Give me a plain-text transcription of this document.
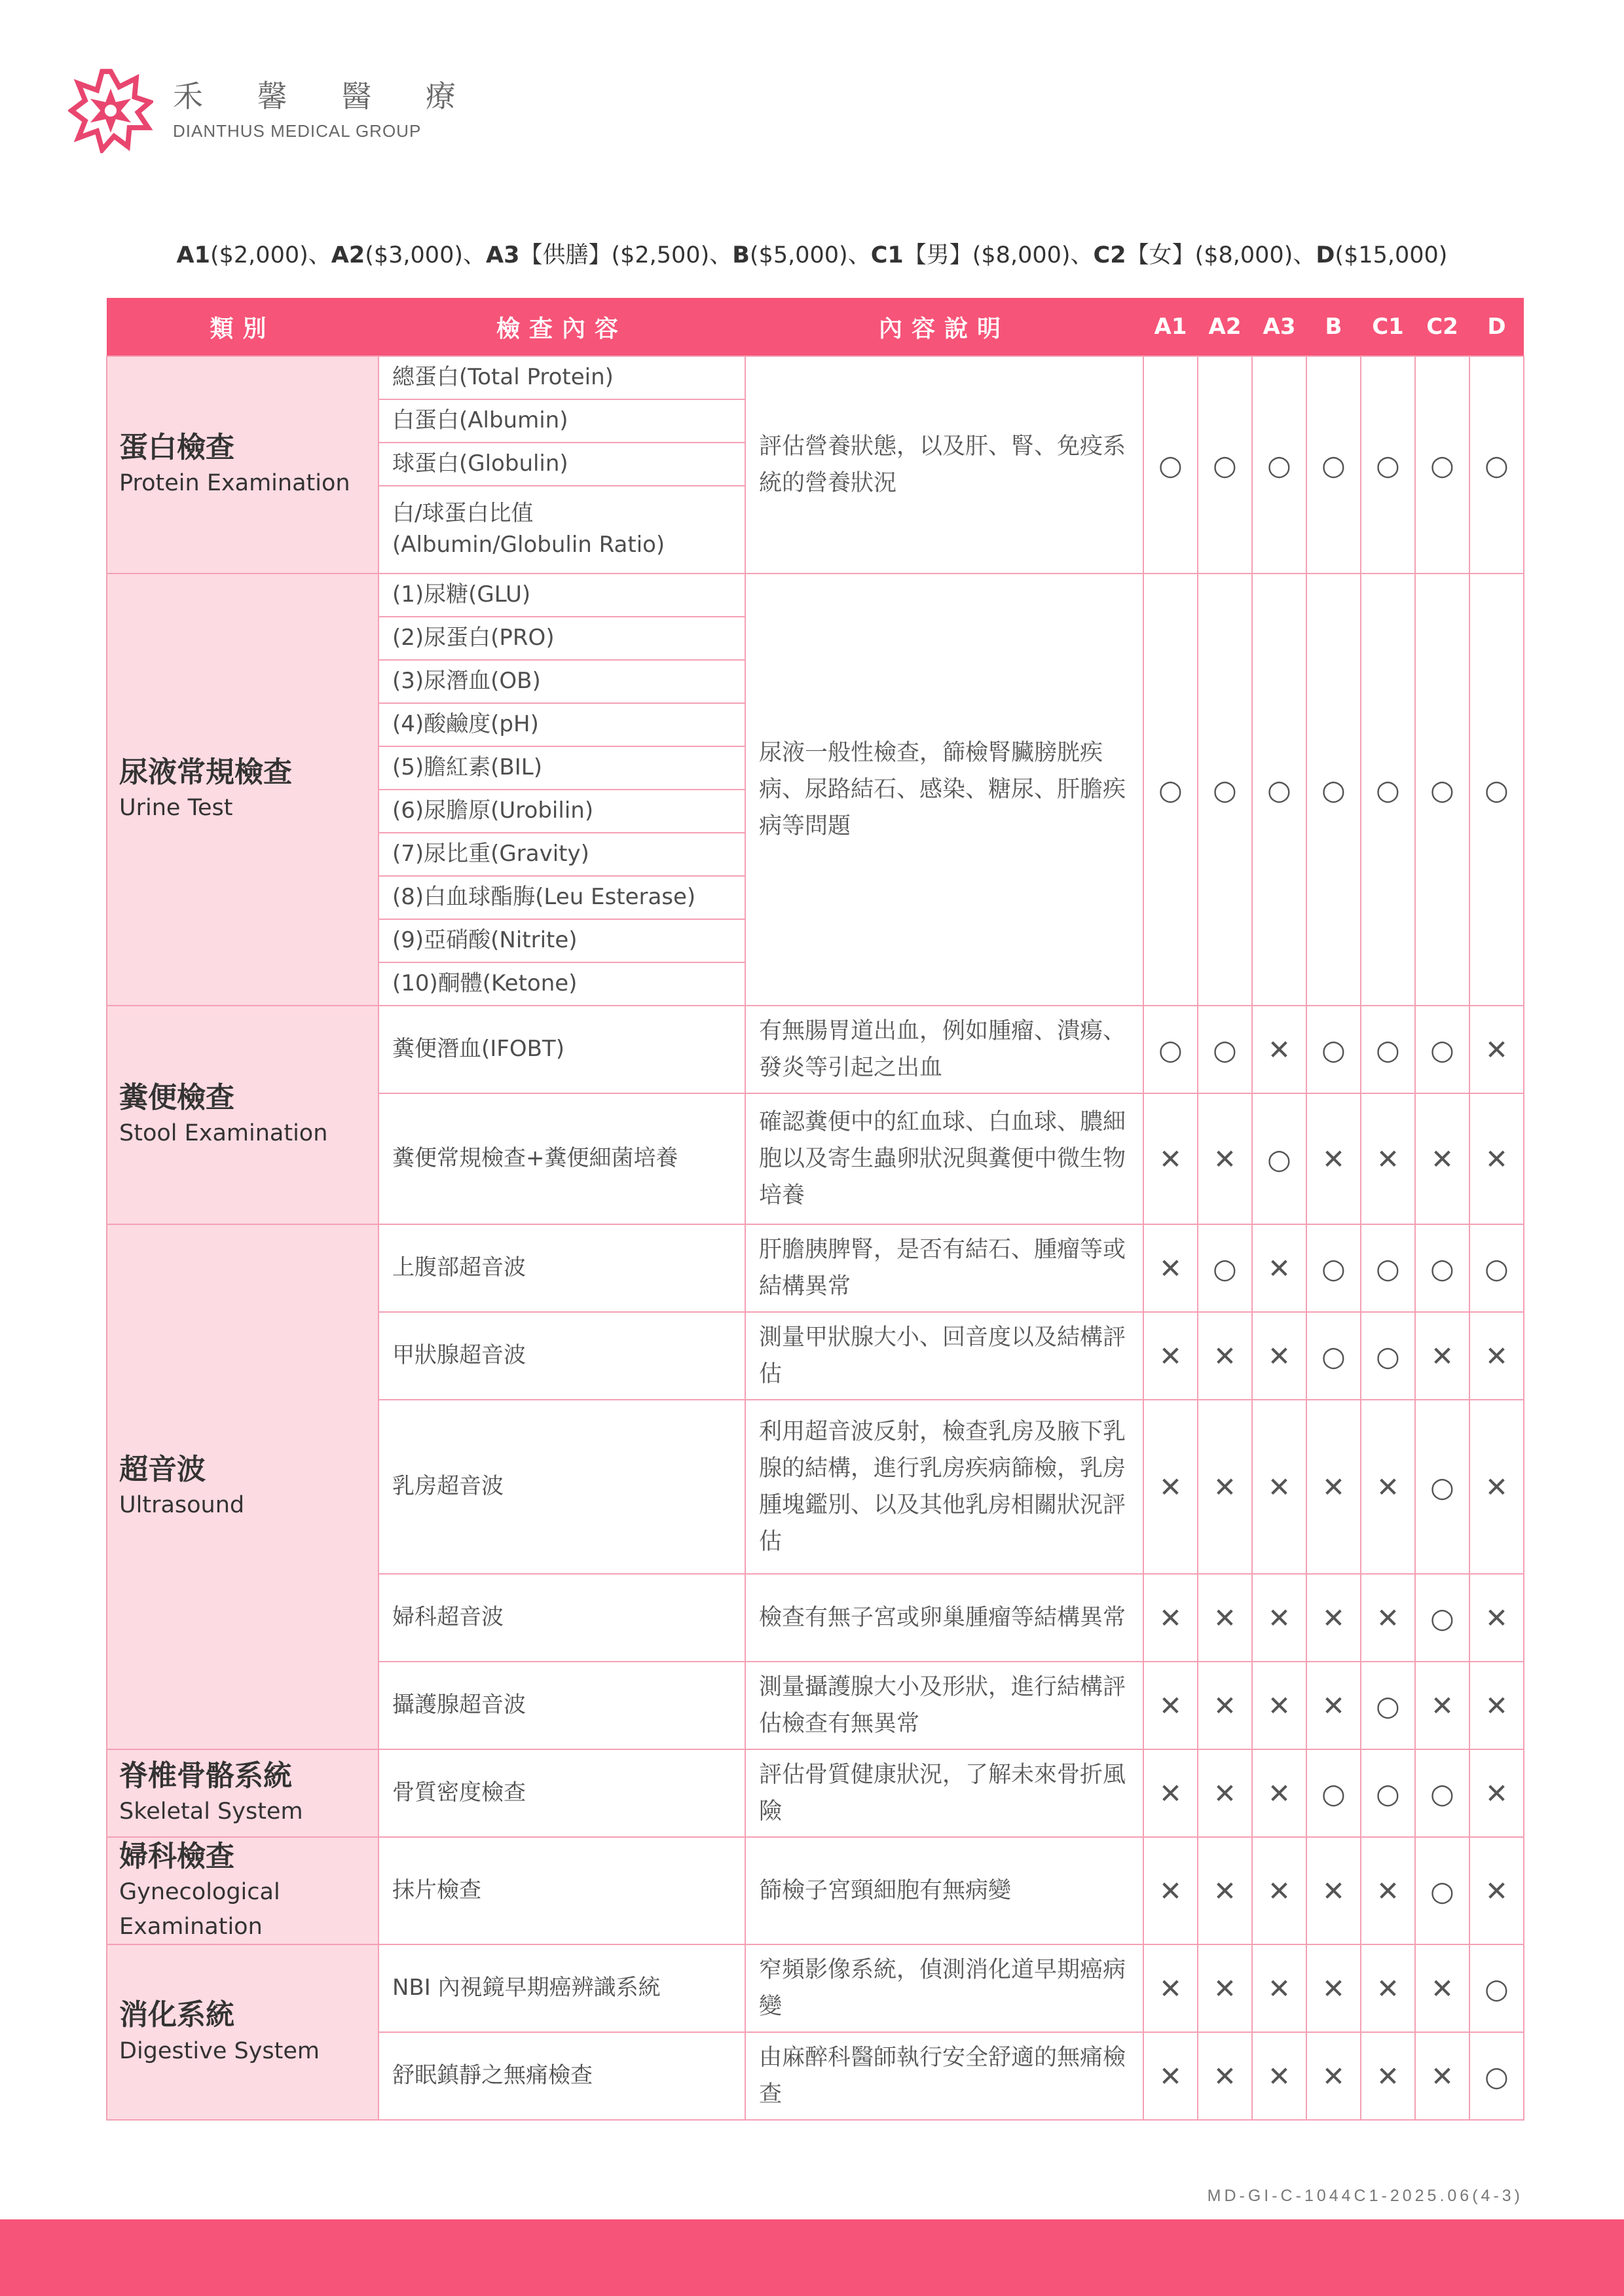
禾 馨 醫 療
DIANTHUS MEDICAL GROUP
A1($2,000)、A2($3,000)、A3【供膳】($2,500)、B($5,000)、C1【男】($8,000)、C2【女】($8,000)、D($15,000)
類別	檢查內容	內容說明	A1	A2	A3	B	C1	C2	D

蛋白檢查
Protein Examination	總蛋白(Total Protein)	評估營養狀態，以及肝、腎、免疫系統的營養狀況	○	○	○	○	○	○	○
	白蛋白(Albumin)								
	球蛋白(Globulin)								
	白/球蛋白比值
(Albumin/Globulin Ratio)								

尿液常規檢查
Urine Test	(1)尿糖(GLU)	尿液一般性檢查，篩檢腎臟膀胱疾病、尿路結石、感染、糖尿、肝膽疾病等問題	○	○	○	○	○	○	○
	(2)尿蛋白(PRO)								
	(3)尿潛血(OB)								
	(4)酸鹼度(pH)								
	(5)膽紅素(BIL)								
	(6)尿膽原(Urobilin)								
	(7)尿比重(Gravity)								
	(8)白血球酯脢(Leu Esterase)								
	(9)亞硝酸(Nitrite)								
	(10)酮體(Ketone)								

糞便檢查
Stool Examination	糞便潛血(IFOBT)	有無腸胃道出血，例如腫瘤、潰瘍、發炎等引起之出血	○	○	✕	○	○	○	✕
	糞便常規檢查+糞便細菌培養	確認糞便中的紅血球、白血球、膿細胞以及寄生蟲卵狀況與糞便中微生物培養	✕	✕	○	✕	✕	✕	✕

超音波
Ultrasound	上腹部超音波	肝膽胰脾腎，是否有結石、腫瘤等或結構異常	✕	○	✕	○	○	○	○
	甲狀腺超音波	測量甲狀腺大小、回音度以及結構評估	✕	✕	✕	○	○	✕	✕
	乳房超音波	利用超音波反射，檢查乳房及腋下乳腺的結構，進行乳房疾病篩檢，乳房腫塊鑑別、以及其他乳房相關狀況評估	✕	✕	✕	✕	✕	○	✕
	婦科超音波	檢查有無子宮或卵巢腫瘤等結構異常	✕	✕	✕	✕	✕	○	✕
	攝護腺超音波	測量攝護腺大小及形狀，進行結構評估檢查有無異常	✕	✕	✕	✕	○	✕	✕

脊椎骨骼系統
Skeletal System	骨質密度檢查	評估骨質健康狀況，了解未來骨折風險	✕	✕	✕	○	○	○	✕

婦科檢查
Gynecological Examination	抹片檢查	篩檢子宮頸細胞有無病變	✕	✕	✕	✕	✕	○	✕

消化系統
Digestive System	NBI 內視鏡早期癌辨識系統	窄頻影像系統，偵測消化道早期癌病變	✕	✕	✕	✕	✕	✕	○
	舒眠鎮靜之無痛檢查	由麻醉科醫師執行安全舒適的無痛檢查	✕	✕	✕	✕	✕	✕	○
MD-GI-C-1044C1-2025.06(4-3)
